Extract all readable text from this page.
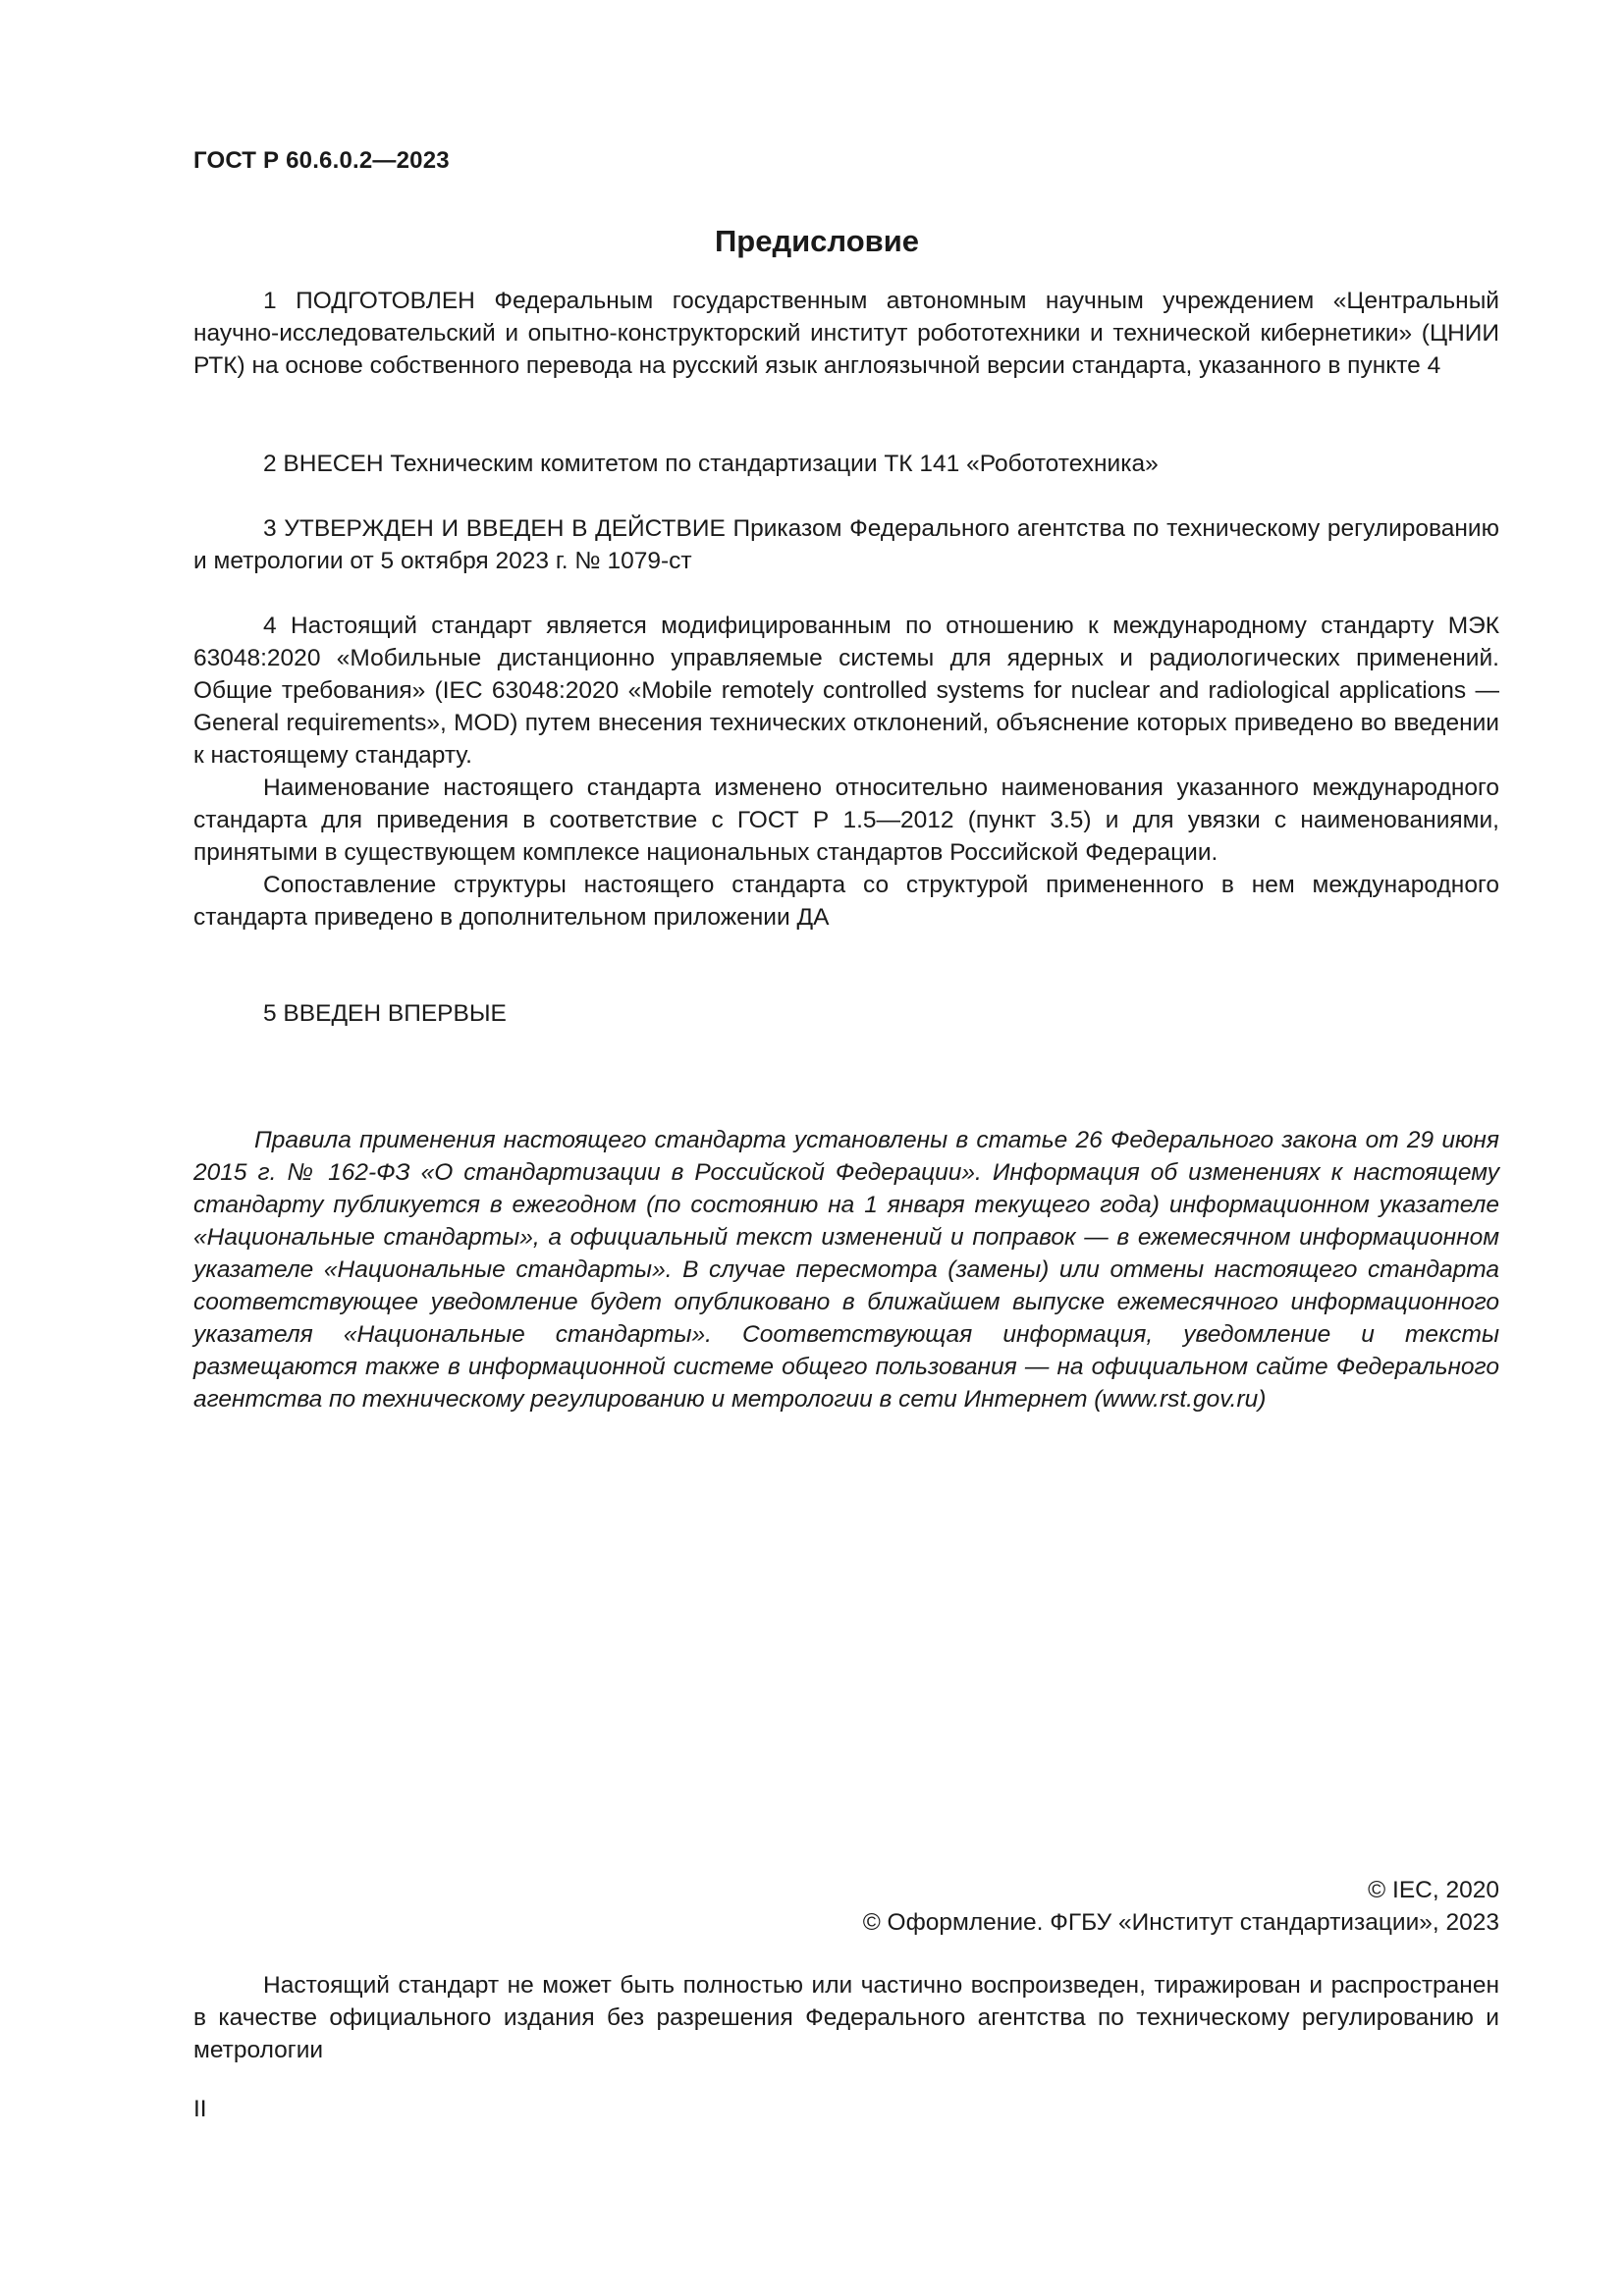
ГОСТ Р 60.6.0.2—2023
Предисловие

1 ПОДГОТОВЛЕН Федеральным государственным автономным научным учреждением «Центральный научно-исследовательский и опытно-конструкторский институт робототехники и технической кибернетики» (ЦНИИ РТК) на основе собственного перевода на русский язык англоязычной версии стандарта, указанного в пункте 4

2 ВНЕСЕН Техническим комитетом по стандартизации ТК 141 «Робототехника»

3 УТВЕРЖДЕН И ВВЕДЕН В ДЕЙСТВИЕ Приказом Федерального агентства по техническому регулированию и метрологии от 5 октября 2023 г. № 1079-ст

4 Настоящий стандарт является модифицированным по отношению к международному стандарту МЭК 63048:2020 «Мобильные дистанционно управляемые системы для ядерных и радиологических применений. Общие требования» (IEC 63048:2020 «Mobile remotely controlled systems for nuclear and radiological applications — General requirements», MOD) путем внесения технических отклонений, объяснение которых приведено во введении к настоящему стандарту.

Наименование настоящего стандарта изменено относительно наименования указанного международного стандарта для приведения в соответствие с ГОСТ Р 1.5—2012 (пункт 3.5) и для увязки с наименованиями, принятыми в существующем комплексе национальных стандартов Российской Федерации.

Сопоставление структуры настоящего стандарта со структурой примененного в нем международного стандарта приведено в дополнительном приложении ДА

5 ВВЕДЕН ВПЕРВЫЕ

Правила применения настоящего стандарта установлены в статье 26 Федерального закона от 29 июня 2015 г. № 162-ФЗ «О стандартизации в Российской Федерации». Информация об изменениях к настоящему стандарту публикуется в ежегодном (по состоянию на 1 января текущего года) информационном указателе «Национальные стандарты», а официальный текст изменений и поправок — в ежемесячном информационном указателе «Национальные стандарты». В случае пересмотра (замены) или отмены настоящего стандарта соответствующее уведомление будет опубликовано в ближайшем выпуске ежемесячного информационного указателя «Национальные стандарты». Соответствующая информация, уведомление и тексты размещаются также в информационной системе общего пользования — на официальном сайте Федерального агентства по техническому регулированию и метрологии в сети Интернет (www.rst.gov.ru)

© IEC, 2020
© Оформление. ФГБУ «Институт стандартизации», 2023

Настоящий стандарт не может быть полностью или частично воспроизведен, тиражирован и распространен в качестве официального издания без разрешения Федерального агентства по техническому регулированию и метрологии

II
